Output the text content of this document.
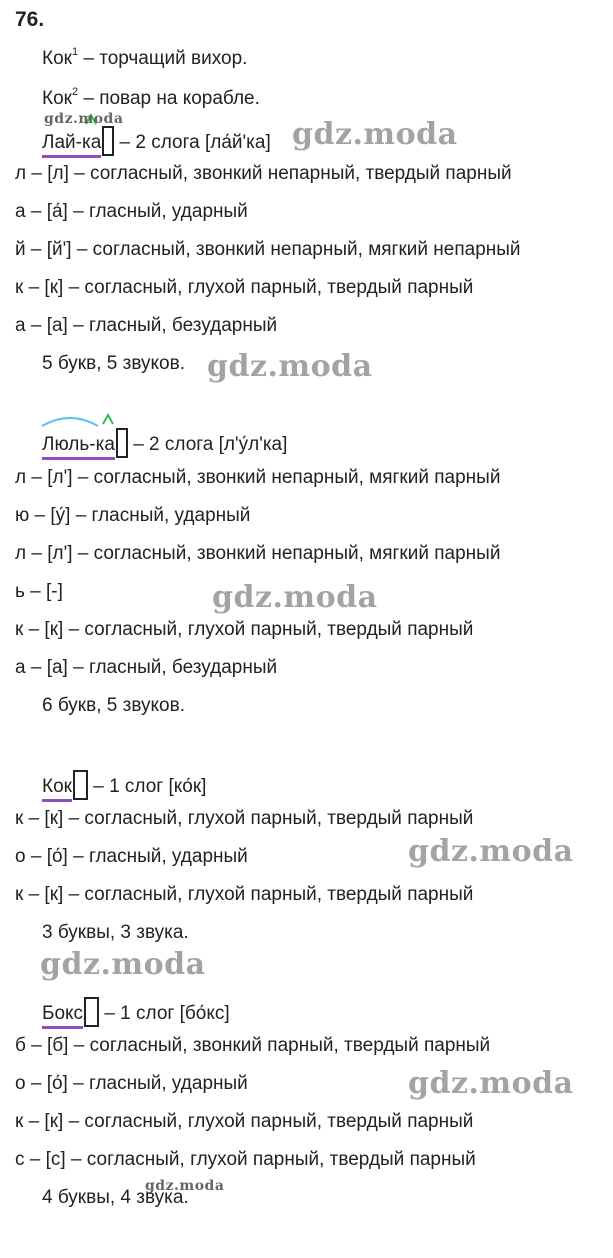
76.
Кок$^1$ – торчащий вихор.
Кок$^2$ – повар на корабле.
Лай-ка
– 2 слога [ла́й'ка]
л – [л] – согласный, звонкий непарный, твердый парный
а – [а́] – гласный, ударный
й – [й'] – согласный, звонкий непарный, мягкий непарный
к – [к] – согласный, глухой парный, твердый парный
а – [а] – гласный, безударный
5 букв, 5 звуков.
Люль-ка
– 2 слога [л'у́л'ка]
л – [л'] – согласный, звонкий непарный, мягкий парный
ю – [у́] – гласный, ударный
л – [л'] – согласный, звонкий непарный, мягкий парный
ь – [-]
к – [к] – согласный, глухой парный, твердый парный
а – [а] – гласный, безударный
6 букв, 5 звуков.
Кок
– 1 слог [ко́к]
к – [к] – согласный, глухой парный, твердый парный
о – [о́] – гласный, ударный
к – [к] – согласный, глухой парный, твердый парный
3 буквы, 3 звука.
Бокс
– 1 слог [бо́кс]
б – [б] – согласный, звонкий парный, твердый парный
о – [о́] – гласный, ударный
к – [к] – согласный, глухой парный, твердый парный
с – [с] – согласный, глухой парный, твердый парный
4 буквы, 4 звука.
gdz.moda	gdz.moda
gdz.moda
gdz.moda
gdz.moda
gdz.moda
gdz.moda
gdz.moda
